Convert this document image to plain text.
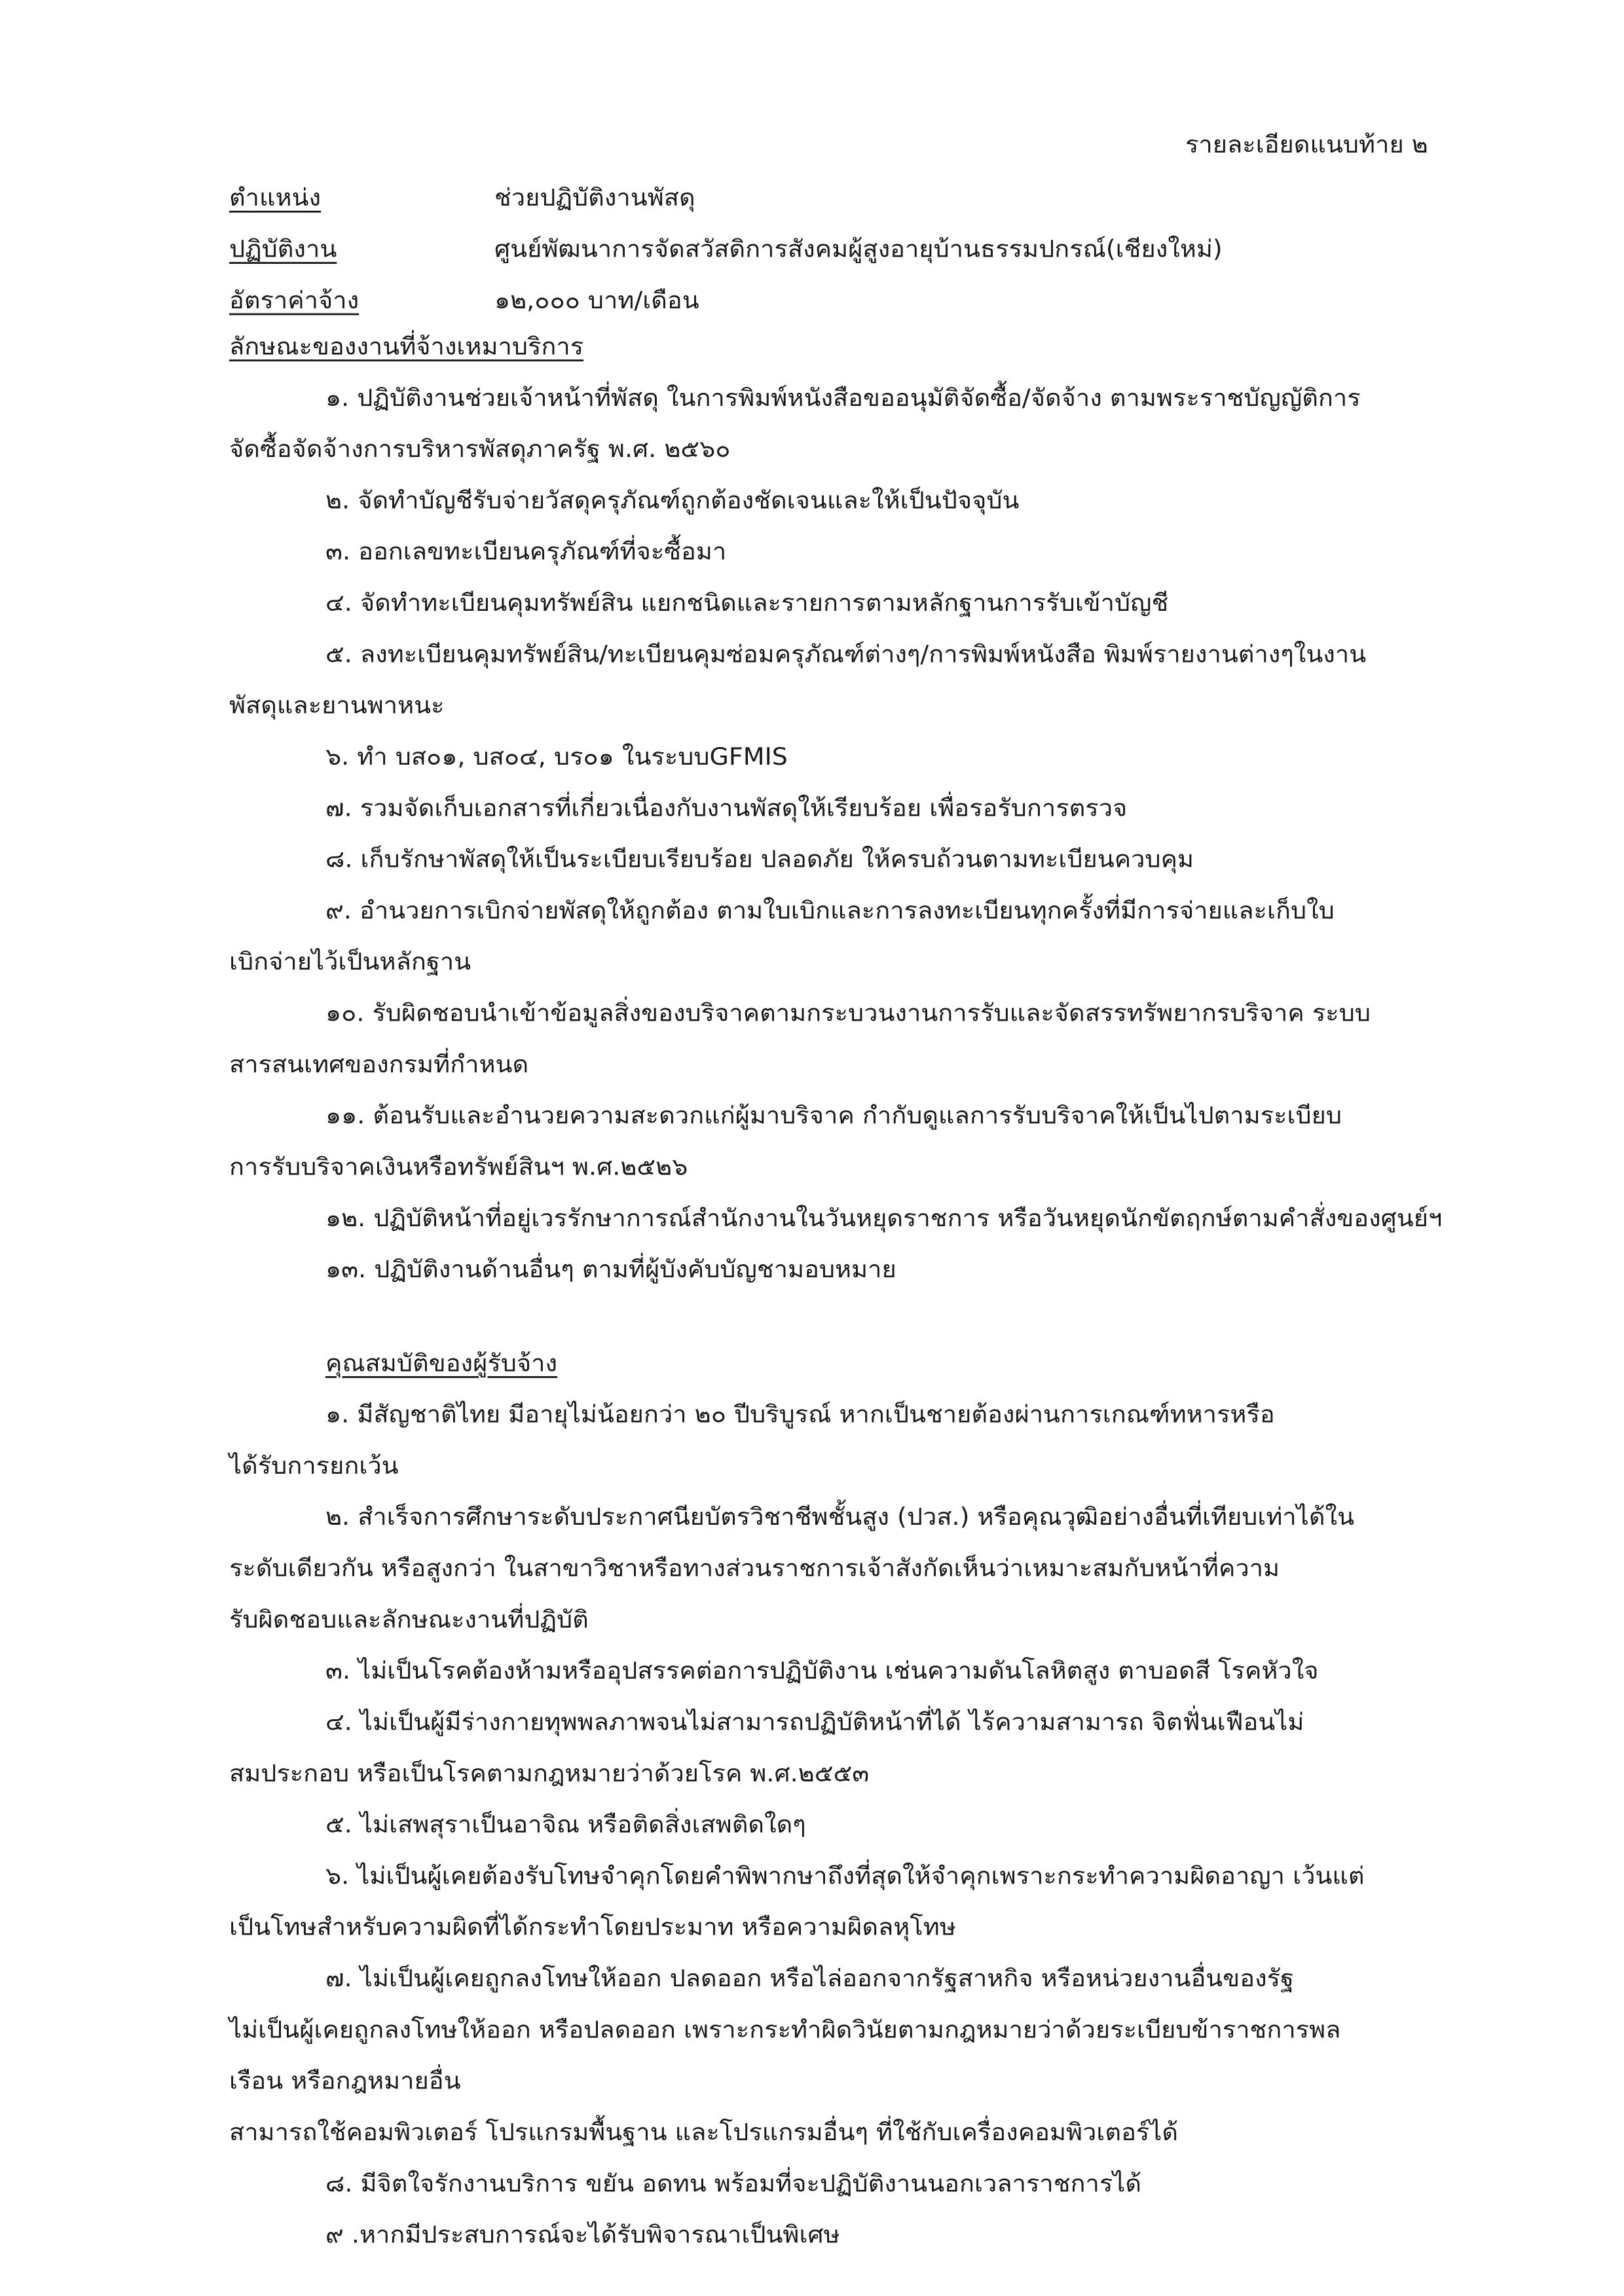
รายละเอียดแนบท้าย ๒
ตำแหน่ง	ช่วยปฏิบัติงานพัสดุ
ปฏิบัติงาน	ศูนย์พัฒนาการจัดสวัสดิการสังคมผู้สูงอายุบ้านธรรมปกรณ์(เชียงใหม่)
อัตราค่าจ้าง	๑๒,๐๐๐ บาท/เดือน
ลักษณะของงานที่จ้างเหมาบริการ
๑. ปฏิบัติงานช่วยเจ้าหน้าที่พัสดุ ในการพิมพ์หนังสือขออนุมัติจัดซื้อ/จัดจ้าง ตามพระราชบัญญัติการ
จัดซื้อจัดจ้างการบริหารพัสดุภาครัฐ พ.ศ. ๒๕๖๐
๒. จัดทำบัญชีรับจ่ายวัสดุครุภัณฑ์ถูกต้องชัดเจนและให้เป็นปัจจุบัน
๓. ออกเลขทะเบียนครุภัณฑ์ที่จะซื้อมา
๔. จัดทำทะเบียนคุมทรัพย์สิน แยกชนิดและรายการตามหลักฐานการรับเข้าบัญชี
๕. ลงทะเบียนคุมทรัพย์สิน/ทะเบียนคุมซ่อมครุภัณฑ์ต่างๆ/การพิมพ์หนังสือ พิมพ์รายงานต่างๆในงาน
พัสดุและยานพาหนะ
๖. ทำ บส๐๑, บส๐๔, บร๐๑ ในระบบGFMIS
๗. รวมจัดเก็บเอกสารที่เกี่ยวเนื่องกับงานพัสดุให้เรียบร้อย เพื่อรอรับการตรวจ
๘. เก็บรักษาพัสดุให้เป็นระเบียบเรียบร้อย ปลอดภัย ให้ครบถ้วนตามทะเบียนควบคุม
๙. อำนวยการเบิกจ่ายพัสดุให้ถูกต้อง ตามใบเบิกและการลงทะเบียนทุกครั้งที่มีการจ่ายและเก็บใบ
เบิกจ่ายไว้เป็นหลักฐาน
๑๐. รับผิดชอบนำเข้าข้อมูลสิ่งของบริจาคตามกระบวนงานการรับและจัดสรรทรัพยากรบริจาค ระบบ
สารสนเทศของกรมที่กำหนด
๑๑. ต้อนรับและอำนวยความสะดวกแก่ผู้มาบริจาค กำกับดูแลการรับบริจาคให้เป็นไปตามระเบียบ
การรับบริจาคเงินหรือทรัพย์สินฯ พ.ศ.๒๕๒๖
๑๒. ปฏิบัติหน้าที่อยู่เวรรักษาการณ์สำนักงานในวันหยุดราชการ หรือวันหยุดนักขัตฤกษ์ตามคำสั่งของศูนย์ฯ
๑๓. ปฏิบัติงานด้านอื่นๆ ตามที่ผู้บังคับบัญชามอบหมาย
คุณสมบัติของผู้รับจ้าง
๑. มีสัญชาติไทย มีอายุไม่น้อยกว่า ๒๐ ปีบริบูรณ์ หากเป็นชายต้องผ่านการเกณฑ์ทหารหรือ
ได้รับการยกเว้น
๒. สำเร็จการศึกษาระดับประกาศนียบัตรวิชาชีพชั้นสูง (ปวส.) หรือคุณวุฒิอย่างอื่นที่เทียบเท่าได้ใน
ระดับเดียวกัน หรือสูงกว่า ในสาขาวิชาหรือทางส่วนราชการเจ้าสังกัดเห็นว่าเหมาะสมกับหน้าที่ความ
รับผิดชอบและลักษณะงานที่ปฏิบัติ
๓. ไม่เป็นโรคต้องห้ามหรืออุปสรรคต่อการปฏิบัติงาน เช่นความดันโลหิตสูง ตาบอดสี โรคหัวใจ
๔. ไม่เป็นผู้มีร่างกายทุพพลภาพจนไม่สามารถปฏิบัติหน้าที่ได้ ไร้ความสามารถ จิตฟั่นเฟือนไม่
สมประกอบ หรือเป็นโรคตามกฎหมายว่าด้วยโรค พ.ศ.๒๕๕๓
๕. ไม่เสพสุราเป็นอาจิณ หรือติดสิ่งเสพติดใดๆ
๖. ไม่เป็นผู้เคยต้องรับโทษจำคุกโดยคำพิพากษาถึงที่สุดให้จำคุกเพราะกระทำความผิดอาญา เว้นแต่
เป็นโทษสำหรับความผิดที่ได้กระทำโดยประมาท หรือความผิดลหุโทษ
๗. ไม่เป็นผู้เคยถูกลงโทษให้ออก ปลดออก หรือไล่ออกจากรัฐสาหกิจ หรือหน่วยงานอื่นของรัฐ
ไม่เป็นผู้เคยถูกลงโทษให้ออก หรือปลดออก เพราะกระทำผิดวินัยตามกฎหมายว่าด้วยระเบียบข้าราชการพล
เรือน หรือกฎหมายอื่น
สามารถใช้คอมพิวเตอร์ โปรแกรมพื้นฐาน และโปรแกรมอื่นๆ ที่ใช้กับเครื่องคอมพิวเตอร์ได้
๘. มีจิตใจรักงานบริการ ขยัน อดทน พร้อมที่จะปฏิบัติงานนอกเวลาราชการได้
๙ .หากมีประสบการณ์จะได้รับพิจารณาเป็นพิเศษ
